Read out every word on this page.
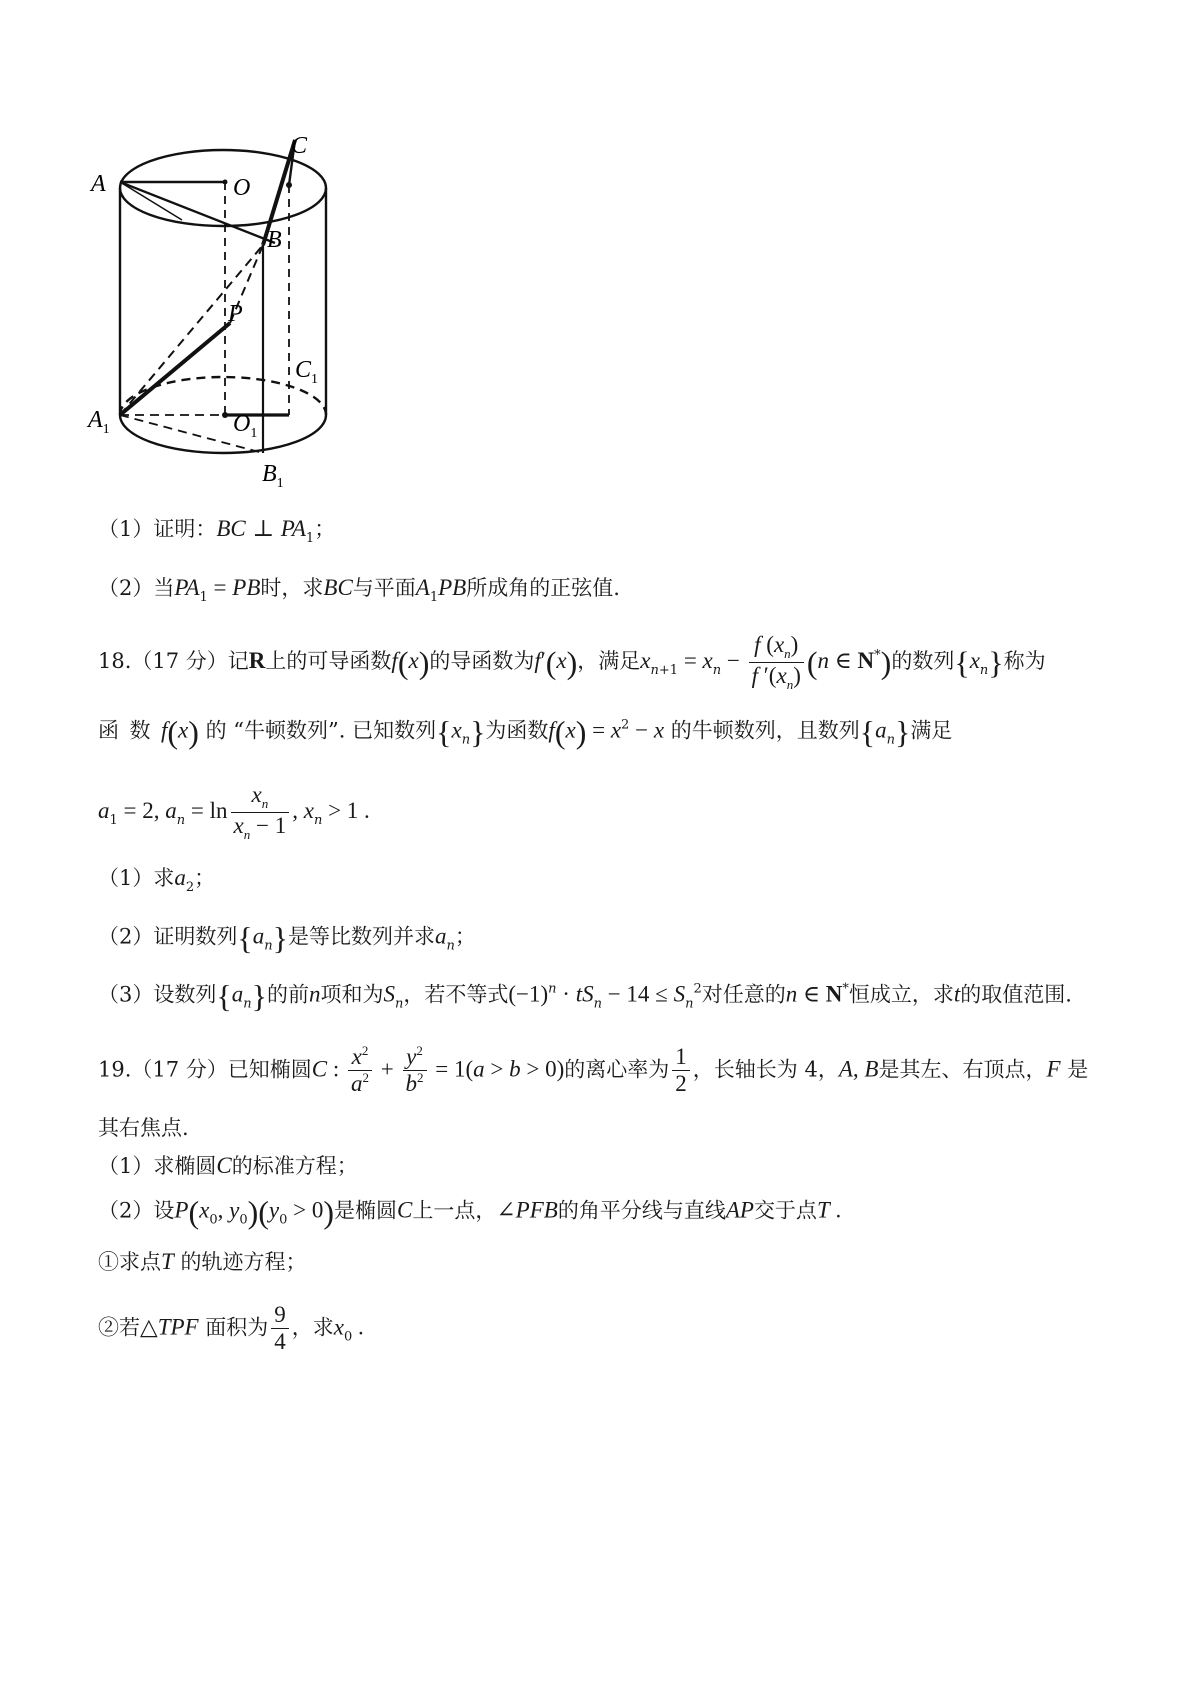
A	O
C
B
P
$C_1$
$A_1$	$O_1$
$B_1$
（1）证明：BC ⊥ $PA_1$；
（2）当$PA_1$ = PB时，求BC与平面$A_1PB$所成角的正弦值.
18.（17 分）记R上的可导函数f(x)的导函数为f′(x)，满足$x_{n+1} = x_n - \frac{f (x_n)}{f '(x_n)} (n$ ∈ N*)的数列$\{x_n\}$称为
函数f(x) 的 “牛顿数列”. 已知数列$\{x_n\}$为函数$f(x) = x^2 - x$ 的牛顿数列，且数列$\{a_n\}$满足
$a_1 = 2$, $a_n = \ln \frac{x_n}{x_n - 1}$ , $x_n > 1$ .
（1）求$a_2$；
（2）证明数列$\{a_n\}$是等比数列并求$a_n$；
（3）设数列$\{a_n\}$的前n项和为$S_n$，若不等式$(-1)^n \cdot tS_n - 14 \le S_n^2$对任意的n ∈ N*恒成立，求t的取值范围.
19.（17 分）已知椭圆C : $\frac{x^2}{a^2} + \frac{y^2}{b^2} = 1(a > b > 0)$的离心率为 $\frac{1}{2}$ ，长轴长为 4，A, B是其左、右顶点，F 是
其右焦点.
（1）求椭圆C的标准方程；
（2）设$P(x_0$, $y_0)(y_0 > 0)$是椭圆C上一点，∠PFB的角平分线与直线AP交于点T .
①求点T 的轨迹方程；
②若△TPF 面积为 $\frac{9}{4}$ ，求$x_0$ .
